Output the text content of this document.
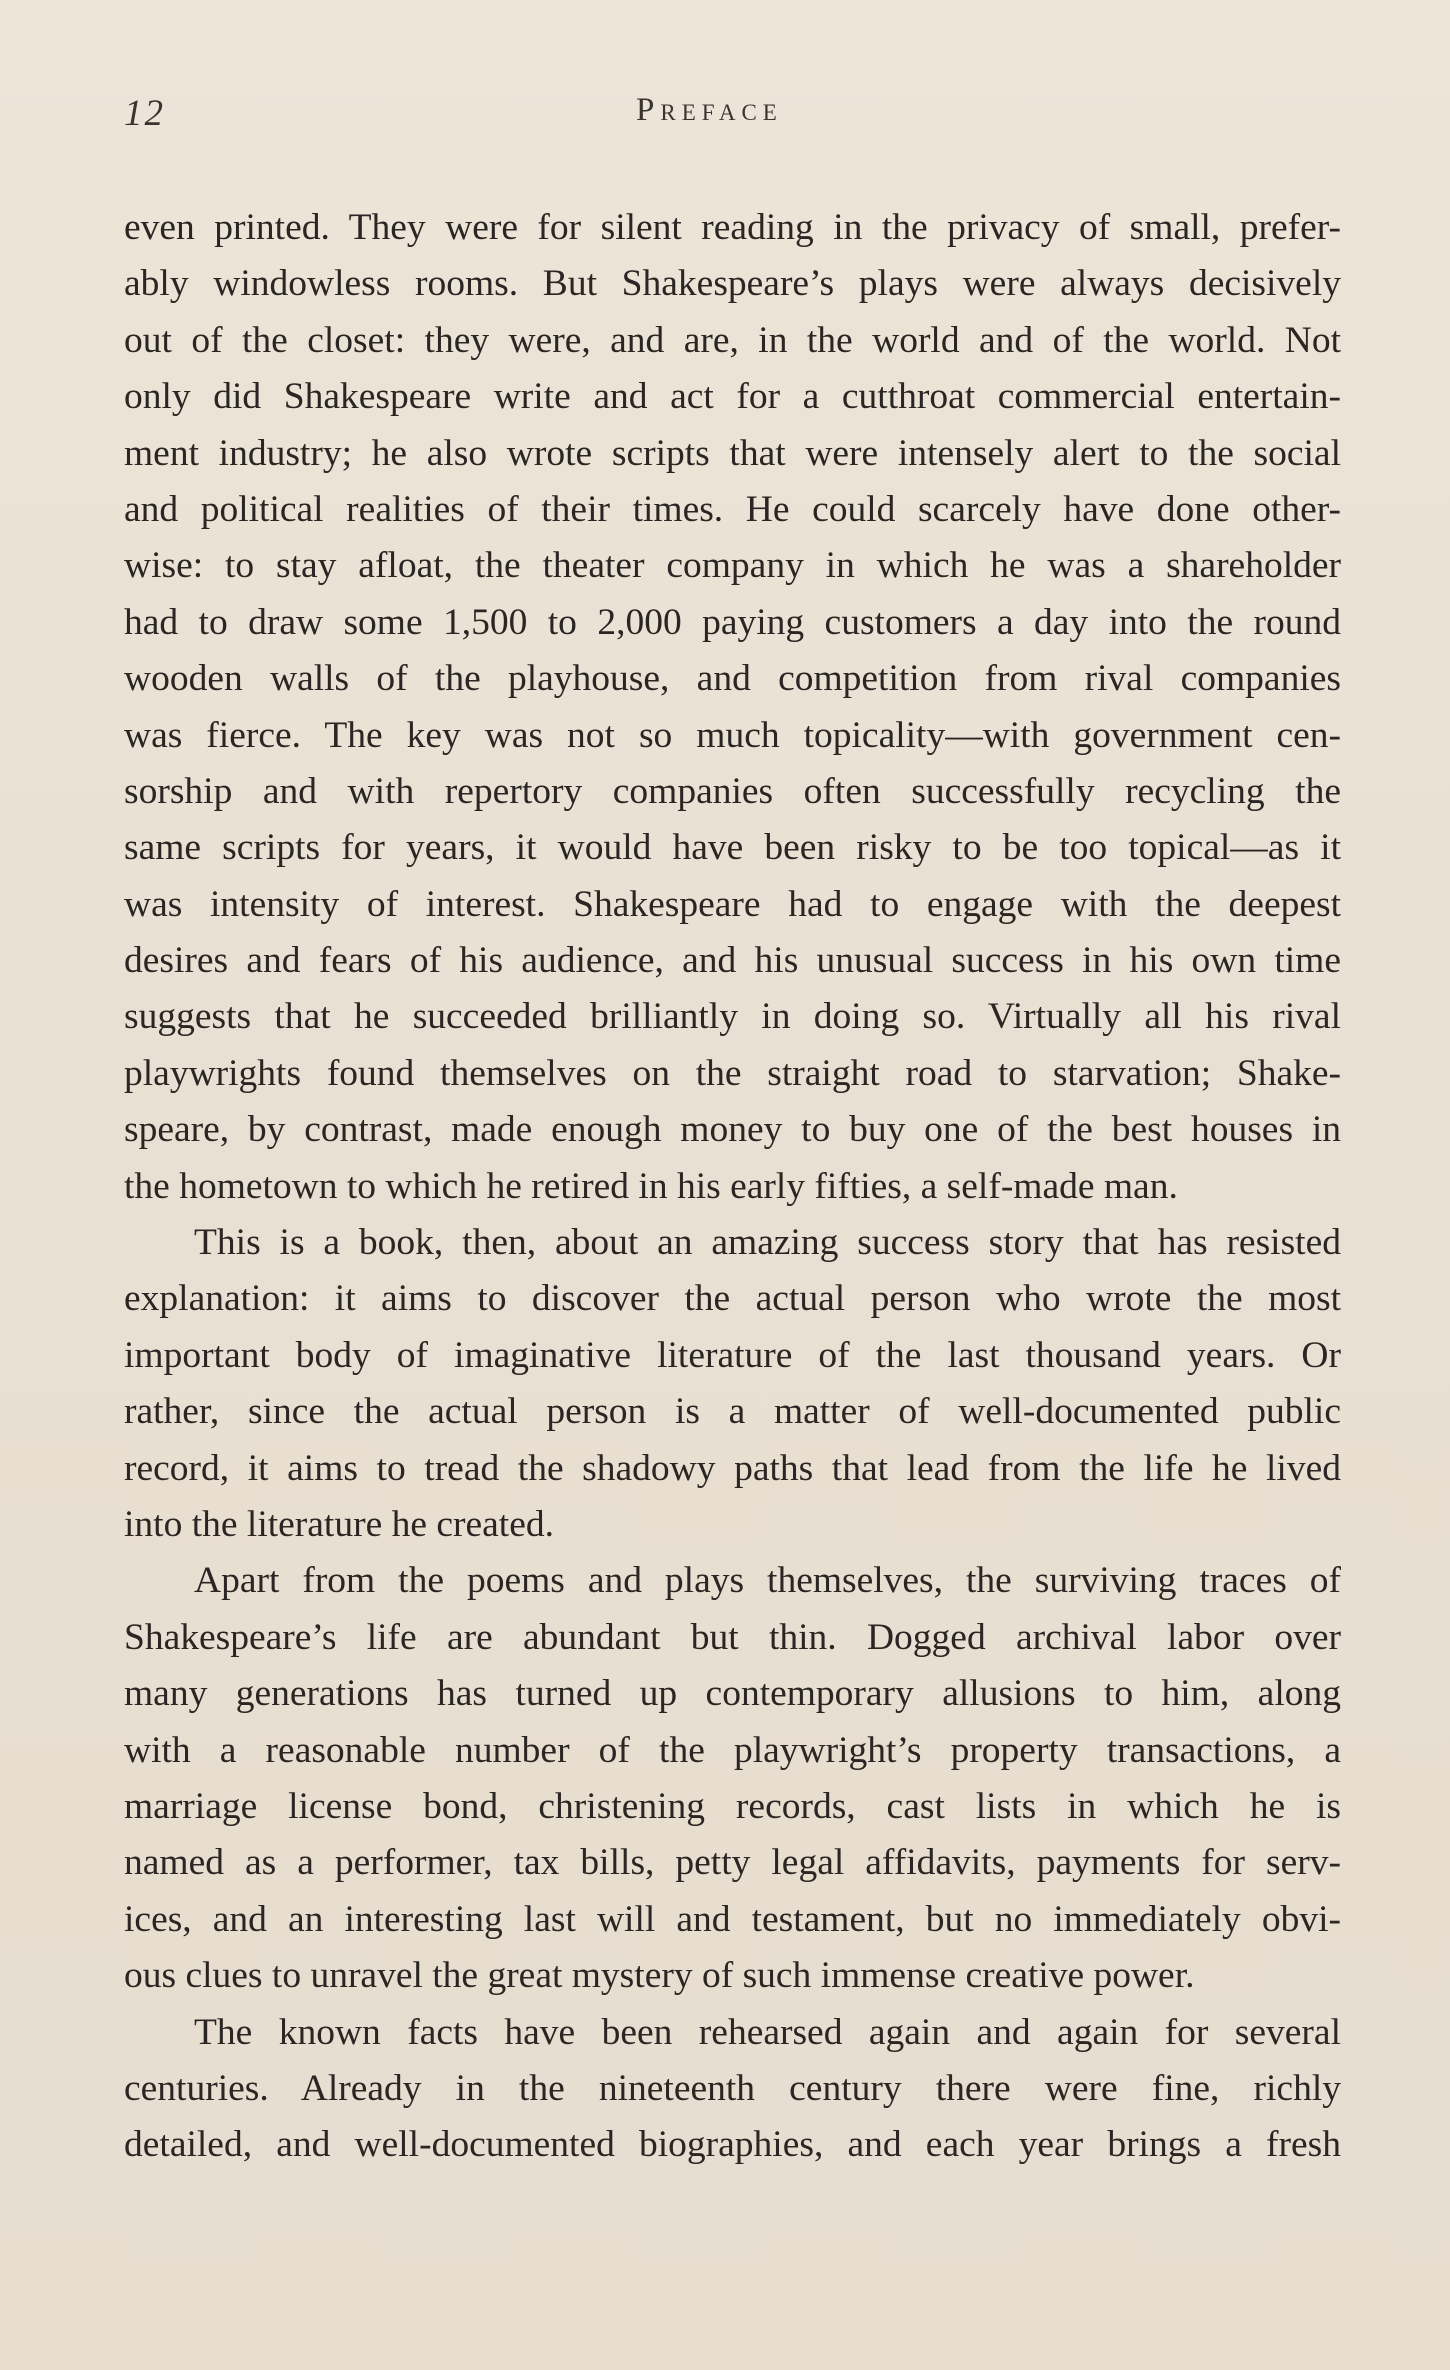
12	Preface
even printed. They were for silent reading in the privacy of small, prefer-
ably windowless rooms. But Shakespeare’s plays were always decisively
out of the closet: they were, and are, in the world and of the world. Not
only did Shakespeare write and act for a cutthroat commercial entertain-
ment industry; he also wrote scripts that were intensely alert to the social
and political realities of their times. He could scarcely have done other-
wise: to stay afloat, the theater company in which he was a shareholder
had to draw some 1,500 to 2,000 paying customers a day into the round
wooden walls of the playhouse, and competition from rival companies
was fierce. The key was not so much topicality—with government cen-
sorship and with repertory companies often successfully recycling the
same scripts for years, it would have been risky to be too topical—as it
was intensity of interest. Shakespeare had to engage with the deepest
desires and fears of his audience, and his unusual success in his own time
suggests that he succeeded brilliantly in doing so. Virtually all his rival
playwrights found themselves on the straight road to starvation; Shake-
speare, by contrast, made enough money to buy one of the best houses in
the hometown to which he retired in his early fifties, a self-made man.
This is a book, then, about an amazing success story that has resisted
explanation: it aims to discover the actual person who wrote the most
important body of imaginative literature of the last thousand years. Or
rather, since the actual person is a matter of well-documented public
record, it aims to tread the shadowy paths that lead from the life he lived
into the literature he created.
Apart from the poems and plays themselves, the surviving traces of
Shakespeare’s life are abundant but thin. Dogged archival labor over
many generations has turned up contemporary allusions to him, along
with a reasonable number of the playwright’s property transactions, a
marriage license bond, christening records, cast lists in which he is
named as a performer, tax bills, petty legal affidavits, payments for serv-
ices, and an interesting last will and testament, but no immediately obvi-
ous clues to unravel the great mystery of such immense creative power.
The known facts have been rehearsed again and again for several
centuries. Already in the nineteenth century there were fine, richly
detailed, and well-documented biographies, and each year brings a fresh
